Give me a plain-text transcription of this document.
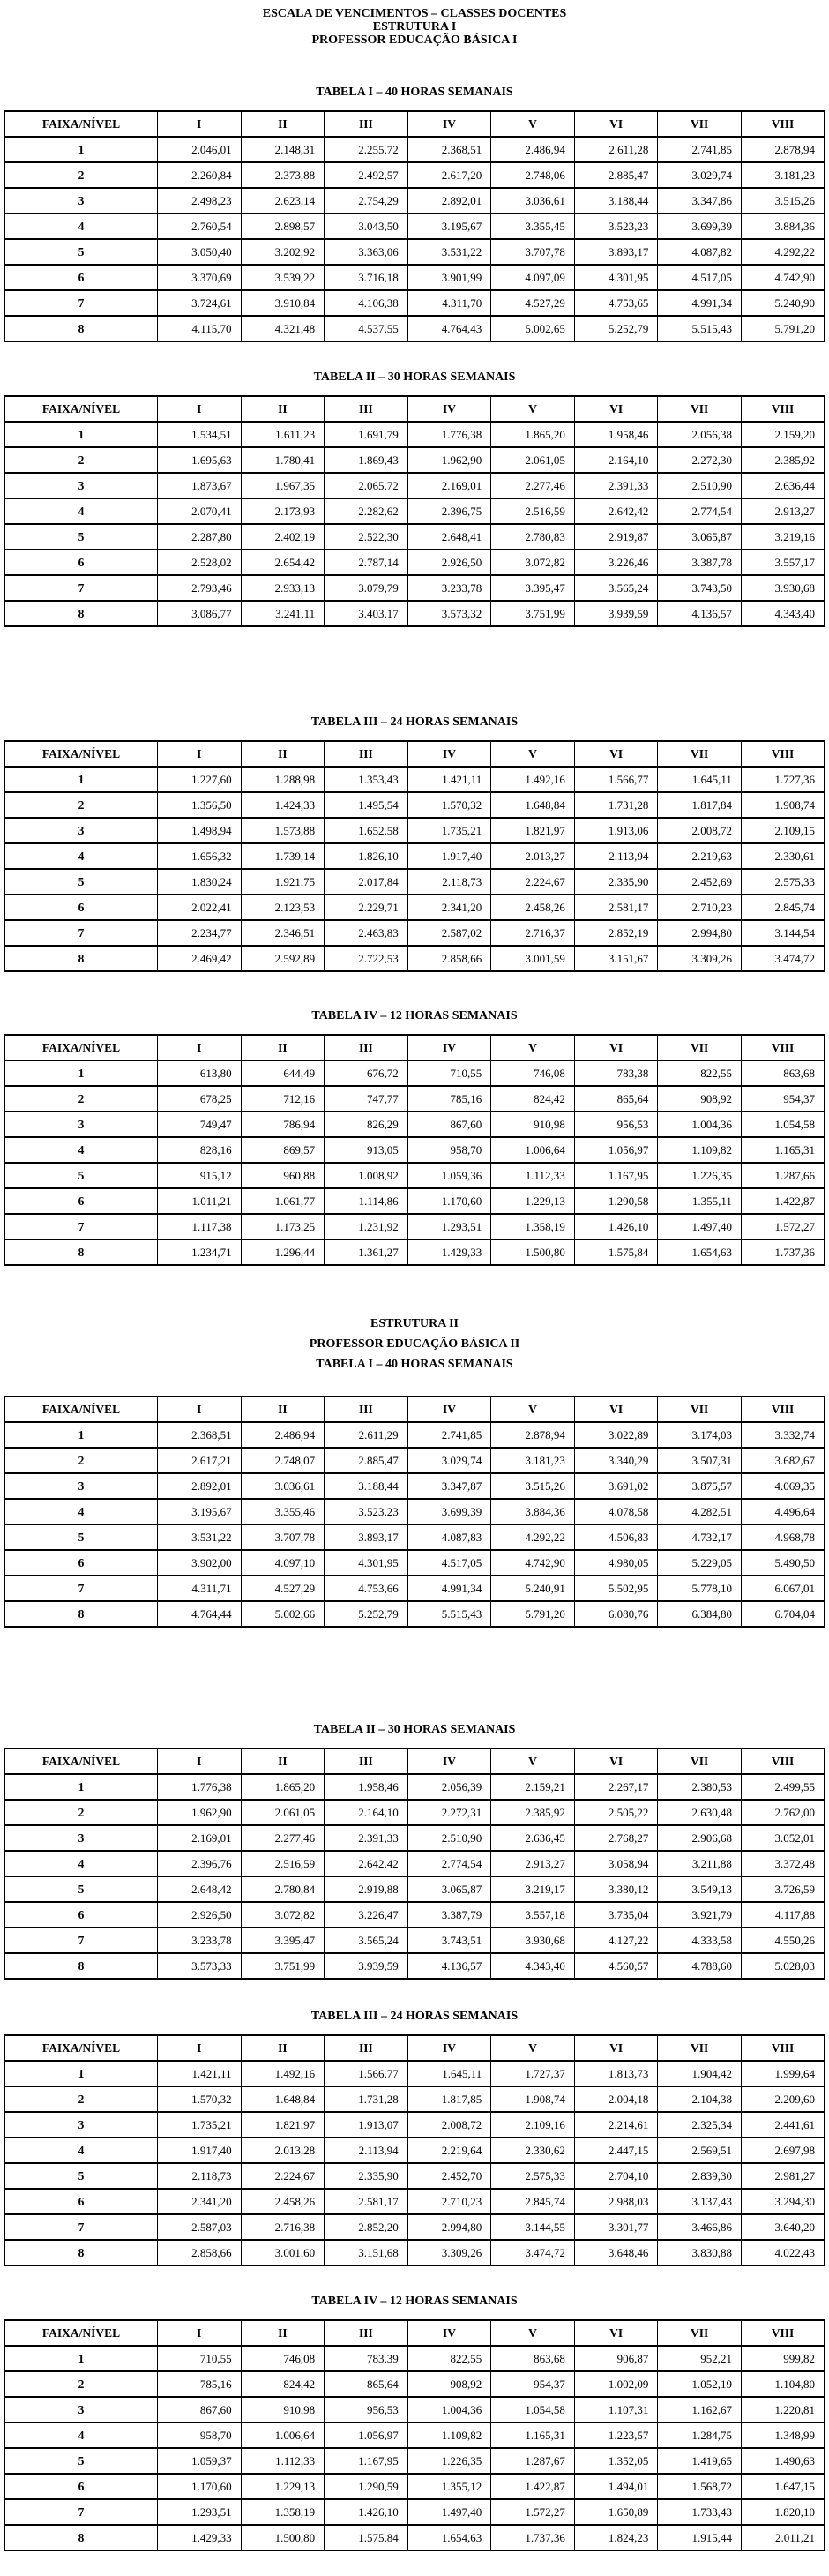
ESCALA DE VENCIMENTOS – CLASSES DOCENTES
ESTRUTURA I
PROFESSOR EDUCAÇÃO BÁSICA I
TABELA I – 40 HORAS SEMANAIS
FAIXA/NÍVEL	I	II	III	IV	V	VI	VII	VIII
1	2.046,01	2.148,31	2.255,72	2.368,51	2.486,94	2.611,28	2.741,85	2.878,94
2	2.260,84	2.373,88	2.492,57	2.617,20	2.748,06	2.885,47	3.029,74	3.181,23
3	2.498,23	2.623,14	2.754,29	2.892,01	3.036,61	3.188,44	3.347,86	3.515,26
4	2.760,54	2.898,57	3.043,50	3.195,67	3.355,45	3.523,23	3.699,39	3.884,36
5	3.050,40	3.202,92	3.363,06	3.531,22	3.707,78	3.893,17	4.087,82	4.292,22
6	3.370,69	3.539,22	3.716,18	3.901,99	4.097,09	4.301,95	4.517,05	4.742,90
7	3.724,61	3.910,84	4.106,38	4.311,70	4.527,29	4.753,65	4.991,34	5.240,90
8	4.115,70	4.321,48	4.537,55	4.764,43	5.002,65	5.252,79	5.515,43	5.791,20
TABELA II – 30 HORAS SEMANAIS
FAIXA/NÍVEL	I	II	III	IV	V	VI	VII	VIII
1	1.534,51	1.611,23	1.691,79	1.776,38	1.865,20	1.958,46	2.056,38	2.159,20
2	1.695,63	1.780,41	1.869,43	1.962,90	2.061,05	2.164,10	2.272,30	2.385,92
3	1.873,67	1.967,35	2.065,72	2.169,01	2.277,46	2.391,33	2.510,90	2.636,44
4	2.070,41	2.173,93	2.282,62	2.396,75	2.516,59	2.642,42	2.774,54	2.913,27
5	2.287,80	2.402,19	2.522,30	2.648,41	2.780,83	2.919,87	3.065,87	3.219,16
6	2.528,02	2.654,42	2.787,14	2.926,50	3.072,82	3.226,46	3.387,78	3.557,17
7	2.793,46	2.933,13	3.079,79	3.233,78	3.395,47	3.565,24	3.743,50	3.930,68
8	3.086,77	3.241,11	3.403,17	3.573,32	3.751,99	3.939,59	4.136,57	4.343,40
TABELA III – 24 HORAS SEMANAIS
FAIXA/NÍVEL	I	II	III	IV	V	VI	VII	VIII
1	1.227,60	1.288,98	1.353,43	1.421,11	1.492,16	1.566,77	1.645,11	1.727,36
2	1.356,50	1.424,33	1.495,54	1.570,32	1.648,84	1.731,28	1.817,84	1.908,74
3	1.498,94	1.573,88	1.652,58	1.735,21	1.821,97	1.913,06	2.008,72	2.109,15
4	1.656,32	1.739,14	1.826,10	1.917,40	2.013,27	2.113,94	2.219,63	2.330,61
5	1.830,24	1.921,75	2.017,84	2.118,73	2.224,67	2.335,90	2.452,69	2.575,33
6	2.022,41	2.123,53	2.229,71	2.341,20	2.458,26	2.581,17	2.710,23	2.845,74
7	2.234,77	2.346,51	2.463,83	2.587,02	2.716,37	2.852,19	2.994,80	3.144,54
8	2.469,42	2.592,89	2.722,53	2.858,66	3.001,59	3.151,67	3.309,26	3.474,72
TABELA IV – 12 HORAS SEMANAIS
FAIXA/NÍVEL	I	II	III	IV	V	VI	VII	VIII
1	613,80	644,49	676,72	710,55	746,08	783,38	822,55	863,68
2	678,25	712,16	747,77	785,16	824,42	865,64	908,92	954,37
3	749,47	786,94	826,29	867,60	910,98	956,53	1.004,36	1.054,58
4	828,16	869,57	913,05	958,70	1.006,64	1.056,97	1.109,82	1.165,31
5	915,12	960,88	1.008,92	1.059,36	1.112,33	1.167,95	1.226,35	1.287,66
6	1.011,21	1.061,77	1.114,86	1.170,60	1.229,13	1.290,58	1.355,11	1.422,87
7	1.117,38	1.173,25	1.231,92	1.293,51	1.358,19	1.426,10	1.497,40	1.572,27
8	1.234,71	1.296,44	1.361,27	1.429,33	1.500,80	1.575,84	1.654,63	1.737,36
ESTRUTURA II
PROFESSOR EDUCAÇÃO BÁSICA II
TABELA I – 40 HORAS SEMANAIS
FAIXA/NÍVEL	I	II	III	IV	V	VI	VII	VIII
1	2.368,51	2.486,94	2.611,29	2.741,85	2.878,94	3.022,89	3.174,03	3.332,74
2	2.617,21	2.748,07	2.885,47	3.029,74	3.181,23	3.340,29	3.507,31	3.682,67
3	2.892,01	3.036,61	3.188,44	3.347,87	3.515,26	3.691,02	3.875,57	4.069,35
4	3.195,67	3.355,46	3.523,23	3.699,39	3.884,36	4.078,58	4.282,51	4.496,64
5	3.531,22	3.707,78	3.893,17	4.087,83	4.292,22	4.506,83	4.732,17	4.968,78
6	3.902,00	4.097,10	4.301,95	4.517,05	4.742,90	4.980,05	5.229,05	5.490,50
7	4.311,71	4.527,29	4.753,66	4.991,34	5.240,91	5.502,95	5.778,10	6.067,01
8	4.764,44	5.002,66	5.252,79	5.515,43	5.791,20	6.080,76	6.384,80	6.704,04
TABELA II – 30 HORAS SEMANAIS
FAIXA/NÍVEL	I	II	III	IV	V	VI	VII	VIII
1	1.776,38	1.865,20	1.958,46	2.056,39	2.159,21	2.267,17	2.380,53	2.499,55
2	1.962,90	2.061,05	2.164,10	2.272,31	2.385,92	2.505,22	2.630,48	2.762,00
3	2.169,01	2.277,46	2.391,33	2.510,90	2.636,45	2.768,27	2.906,68	3.052,01
4	2.396,76	2.516,59	2.642,42	2.774,54	2.913,27	3.058,94	3.211,88	3.372,48
5	2.648,42	2.780,84	2.919,88	3.065,87	3.219,17	3.380,12	3.549,13	3.726,59
6	2.926,50	3.072,82	3.226,47	3.387,79	3.557,18	3.735,04	3.921,79	4.117,88
7	3.233,78	3.395,47	3.565,24	3.743,51	3.930,68	4.127,22	4.333,58	4.550,26
8	3.573,33	3.751,99	3.939,59	4.136,57	4.343,40	4.560,57	4.788,60	5.028,03
TABELA III – 24 HORAS SEMANAIS
FAIXA/NÍVEL	I	II	III	IV	V	VI	VII	VIII
1	1.421,11	1.492,16	1.566,77	1.645,11	1.727,37	1.813,73	1.904,42	1.999,64
2	1.570,32	1.648,84	1.731,28	1.817,85	1.908,74	2.004,18	2.104,38	2.209,60
3	1.735,21	1.821,97	1.913,07	2.008,72	2.109,16	2.214,61	2.325,34	2.441,61
4	1.917,40	2.013,28	2.113,94	2.219,64	2.330,62	2.447,15	2.569,51	2.697,98
5	2.118,73	2.224,67	2.335,90	2.452,70	2.575,33	2.704,10	2.839,30	2.981,27
6	2.341,20	2.458,26	2.581,17	2.710,23	2.845,74	2.988,03	3.137,43	3.294,30
7	2.587,03	2.716,38	2.852,20	2.994,80	3.144,55	3.301,77	3.466,86	3.640,20
8	2.858,66	3.001,60	3.151,68	3.309,26	3.474,72	3.648,46	3.830,88	4.022,43
TABELA IV – 12 HORAS SEMANAIS
FAIXA/NÍVEL	I	II	III	IV	V	VI	VII	VIII
1	710,55	746,08	783,39	822,55	863,68	906,87	952,21	999,82
2	785,16	824,42	865,64	908,92	954,37	1.002,09	1.052,19	1.104,80
3	867,60	910,98	956,53	1.004,36	1.054,58	1.107,31	1.162,67	1.220,81
4	958,70	1.006,64	1.056,97	1.109,82	1.165,31	1.223,57	1.284,75	1.348,99
5	1.059,37	1.112,33	1.167,95	1.226,35	1.287,67	1.352,05	1.419,65	1.490,63
6	1.170,60	1.229,13	1.290,59	1.355,12	1.422,87	1.494,01	1.568,72	1.647,15
7	1.293,51	1.358,19	1.426,10	1.497,40	1.572,27	1.650,89	1.733,43	1.820,10
8	1.429,33	1.500,80	1.575,84	1.654,63	1.737,36	1.824,23	1.915,44	2.011,21
